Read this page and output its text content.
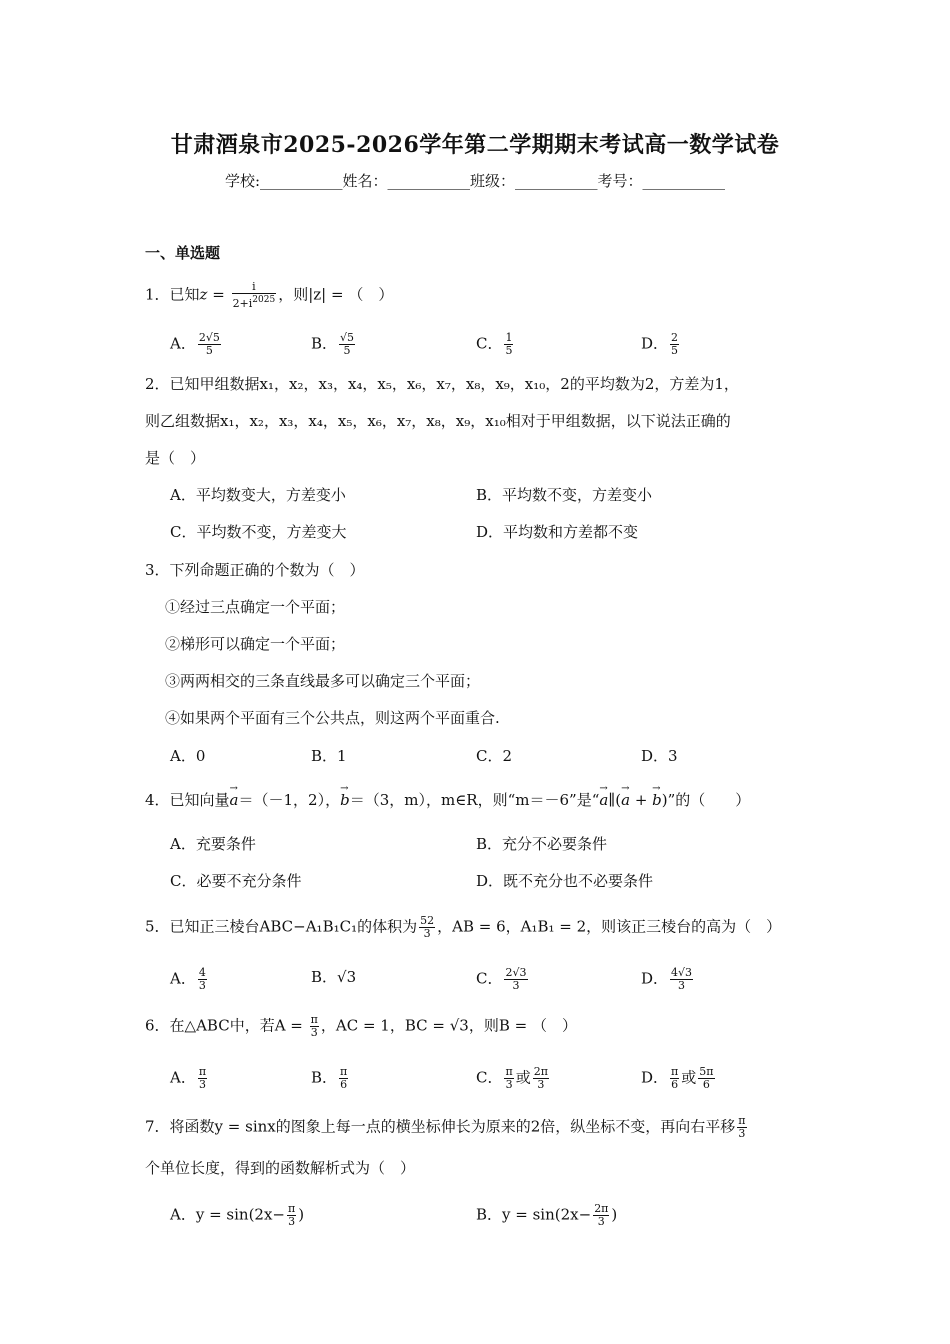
甘肃酒泉市2025-2026学年第二学期期末考试高一数学试卷
学校:___________姓名：___________班级：___________考号：___________
一、单选题
1．已知$z = \frac{i}{2+i^{2025}}$ ，则|z| = （　）
A． $\frac{2√5}{5}$	B． $\frac{√5}{5}$	C． $\frac{1}{5}$	D． $\frac{2}{5}$
2．已知甲组数据x₁，x₂，x₃，x₄，x₅，x₆，x₇，x₈，x₉，x₁₀，2的平均数为2，方差为1，
则乙组数据x₁，x₂，x₃，x₄，x₅，x₆，x₇，x₈，x₉，x₁₀相对于甲组数据，以下说法正确的
是（　）
A．平均数变大，方差变小	B．平均数不变，方差变小
C．平均数不变，方差变大	D．平均数和方差都不变
3．下列命题正确的个数为（　）
①经过三点确定一个平面；
②梯形可以确定一个平面；
③两两相交的三条直线最多可以确定三个平面；
④如果两个平面有三个公共点，则这两个平面重合.
A．0	B．1	C．2	D．3
4．已知向量→ a＝（－1，2），→ b＝（3，m），m∈R，则“m＝－6”是“→ a∥(→ a + → b)”的（　　）
A．充要条件	B．充分不必要条件
C．必要不充分条件	D．既不充分也不必要条件
5．已知正三棱台ABC−A₁B₁C₁的体积为 $\frac{52}{3}$ ，AB = 6，A₁B₁ = 2，则该正三棱台的高为（　）
A． $\frac{4}{3}$	B．√3	C． $\frac{2√3}{3}$	D． $\frac{4√3}{3}$
6．在△ABC中，若$A = \frac{\pi}{3}$ ，AC = 1，BC = √3，则B = （　）
A． $\frac{\pi}{3}$	B． $\frac{\pi}{6}$	C． $\frac{\pi}{3}$ 或 $\frac{2\pi}{3}$	D． $\frac{\pi}{6}$ 或 $\frac{5\pi}{6}$
7．将函数y = sinx的图象上每一点的横坐标伸长为原来的2倍，纵坐标不变，再向右平移 $\frac{\pi}{3}$
个单位长度，得到的函数解析式为（　）
A．$y = \sin(2x- \frac{\pi}{3}$ )	B．$y = \sin(2x- \frac{2\pi}{3}$ )
